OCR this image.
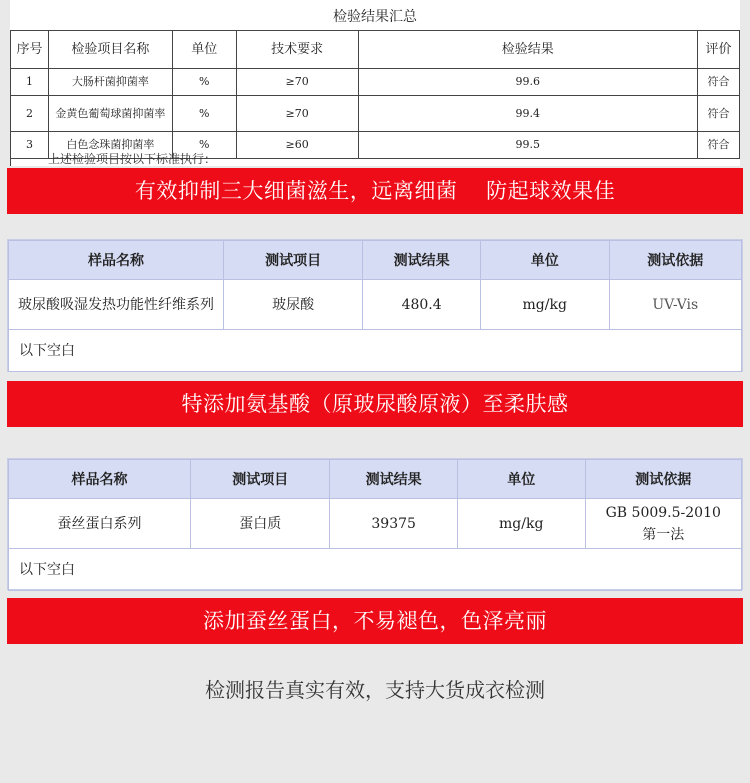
检验结果汇总
序号	检验项目名称	单位	技术要求	检验结果	评价
1	大肠杆菌抑菌率	%	≥70	99.6	符合
2	金黄色葡萄球菌抑菌率	%	≥70	99.4	符合
3	白色念珠菌抑菌率	%	≥60	99.5	符合
上述检验项目按以下标准执行：
有效抑制三大细菌滋生，远离细菌    防起球效果佳
样品名称	测试项目	测试结果	单位	测试依据
玻尿酸吸湿发热功能性纤维系列	玻尿酸	480.4	mg/kg	UV-Vis
以下空白				
特添加氨基酸（原玻尿酸原液）至柔肤感
样品名称	测试项目	测试结果	单位	测试依据
蚕丝蛋白系列	蛋白质	39375	mg/kg	GB 5009.5-2010
第一法

以下空白				
添加蚕丝蛋白，不易褪色，色泽亮丽
检测报告真实有效，支持大货成衣检测
